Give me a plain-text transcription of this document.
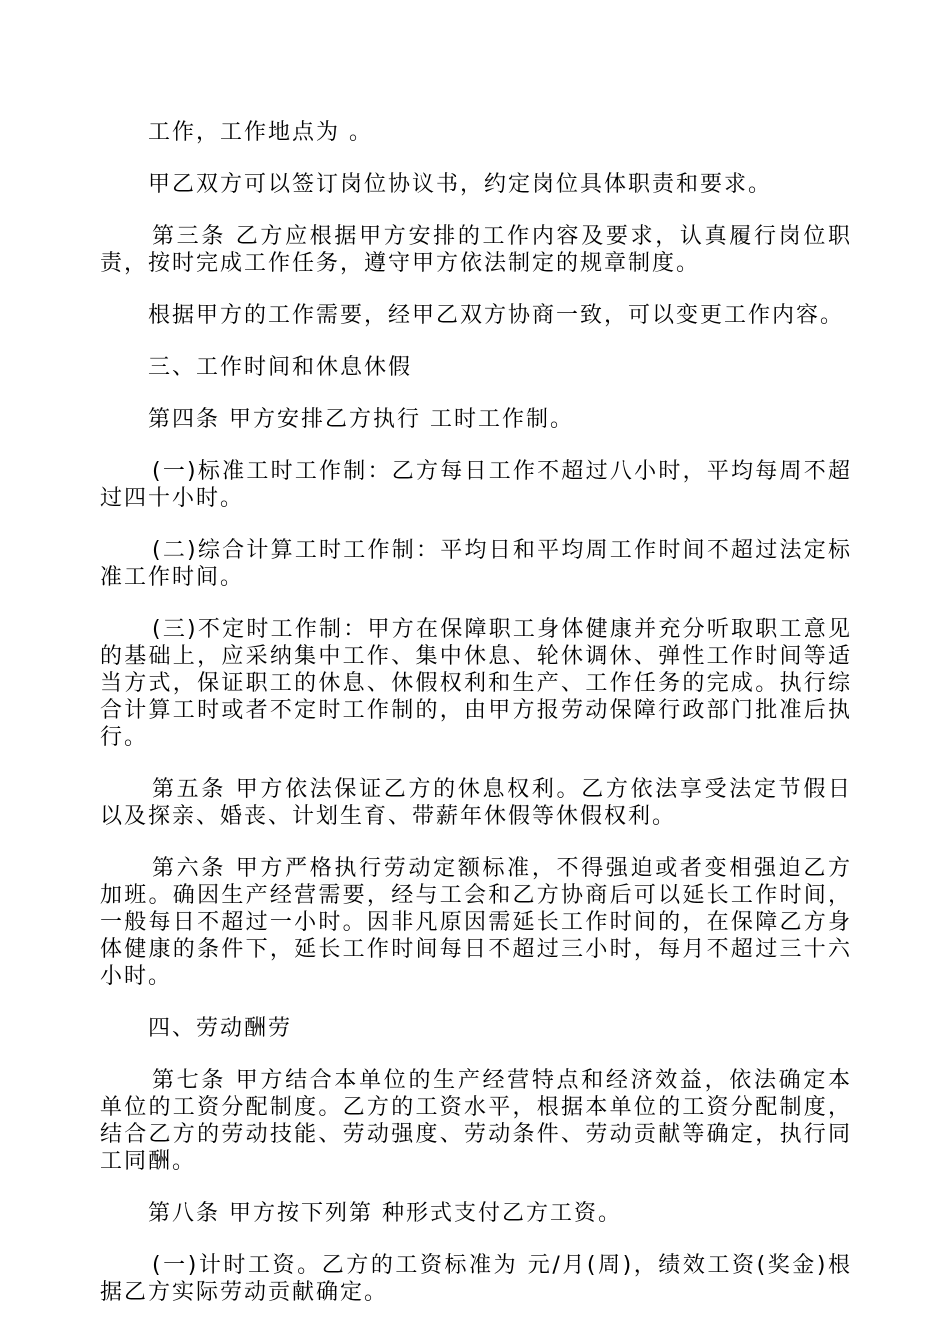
工作，工作地点为 。

甲乙双方可以签订岗位协议书，约定岗位具体职责和要求。

第三条 乙方应根据甲方安排的工作内容及要求，认真履行岗位职责，按时完成工作任务，遵守甲方依法制定的规章制度。

根据甲方的工作需要，经甲乙双方协商一致，可以变更工作内容。

三、工作时间和休息休假

第四条 甲方安排乙方执行 工时工作制。

(一)标准工时工作制：乙方每日工作不超过八小时，平均每周不超过四十小时。

(二)综合计算工时工作制：平均日和平均周工作时间不超过法定标准工作时间。

(三)不定时工作制：甲方在保障职工身体健康并充分听取职工意见的基础上，应采纳集中工作、集中休息、轮休调休、弹性工作时间等适当方式，保证职工的休息、休假权利和生产、工作任务的完成。执行综合计算工时或者不定时工作制的，由甲方报劳动保障行政部门批准后执行。

第五条 甲方依法保证乙方的休息权利。乙方依法享受法定节假日以及探亲、婚丧、计划生育、带薪年休假等休假权利。

第六条 甲方严格执行劳动定额标准，不得强迫或者变相强迫乙方加班。确因生产经营需要，经与工会和乙方协商后可以延长工作时间，一般每日不超过一小时。因非凡原因需延长工作时间的，在保障乙方身体健康的条件下，延长工作时间每日不超过三小时，每月不超过三十六小时。

四、劳动酬劳

第七条 甲方结合本单位的生产经营特点和经济效益，依法确定本单位的工资分配制度。乙方的工资水平，根据本单位的工资分配制度，结合乙方的劳动技能、劳动强度、劳动条件、劳动贡献等确定，执行同工同酬。

第八条 甲方按下列第 种形式支付乙方工资。

(一)计时工资。乙方的工资标准为 元/月(周)，绩效工资(奖金)根据乙方实际劳动贡献确定。
